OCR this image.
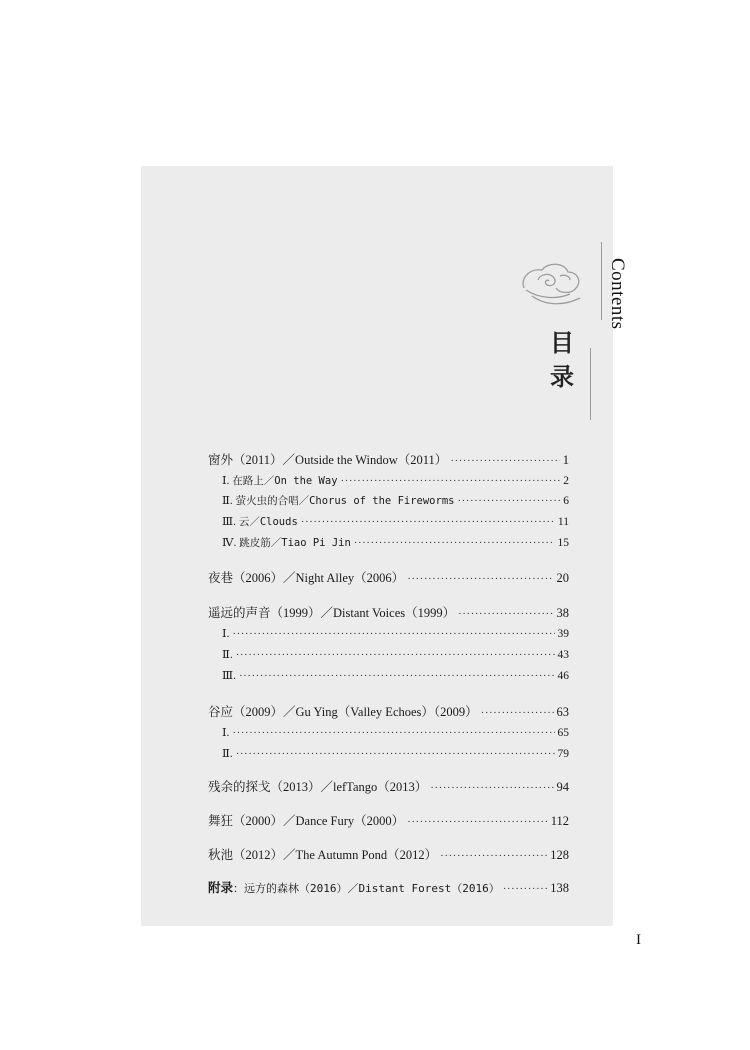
Contents
目
录
窗外（2011）／Outside the Window（2011） ·····	1
Ⅰ. 在路上／On the Way ·····	2
Ⅱ. 萤火虫的合唱／Chorus of the Fireworms ·····	6
Ⅲ. 云／Clouds ·····	11
Ⅳ. 跳皮筋／Tiao Pi Jin ·····	15
夜巷（2006）／Night Alley（2006） ·····	20
遥远的声音（1999）／Distant Voices（1999） ·····	38
Ⅰ. ·····	39
Ⅱ. ·····	43
Ⅲ. ·····	46
谷应（2009）／Gu Ying（Valley Echoes）（2009） ·····	63
Ⅰ. ·····	65
Ⅱ. ·····	79
残余的探戈（2013）／lefTango（2013） ·····	94
舞狂（2000）／Dance Fury（2000） ·····	112
秋池（2012）／The Autumn Pond（2012） ·····	128
附录：远方的森林（2016）／Distant Forest（2016） ·····	138
I
